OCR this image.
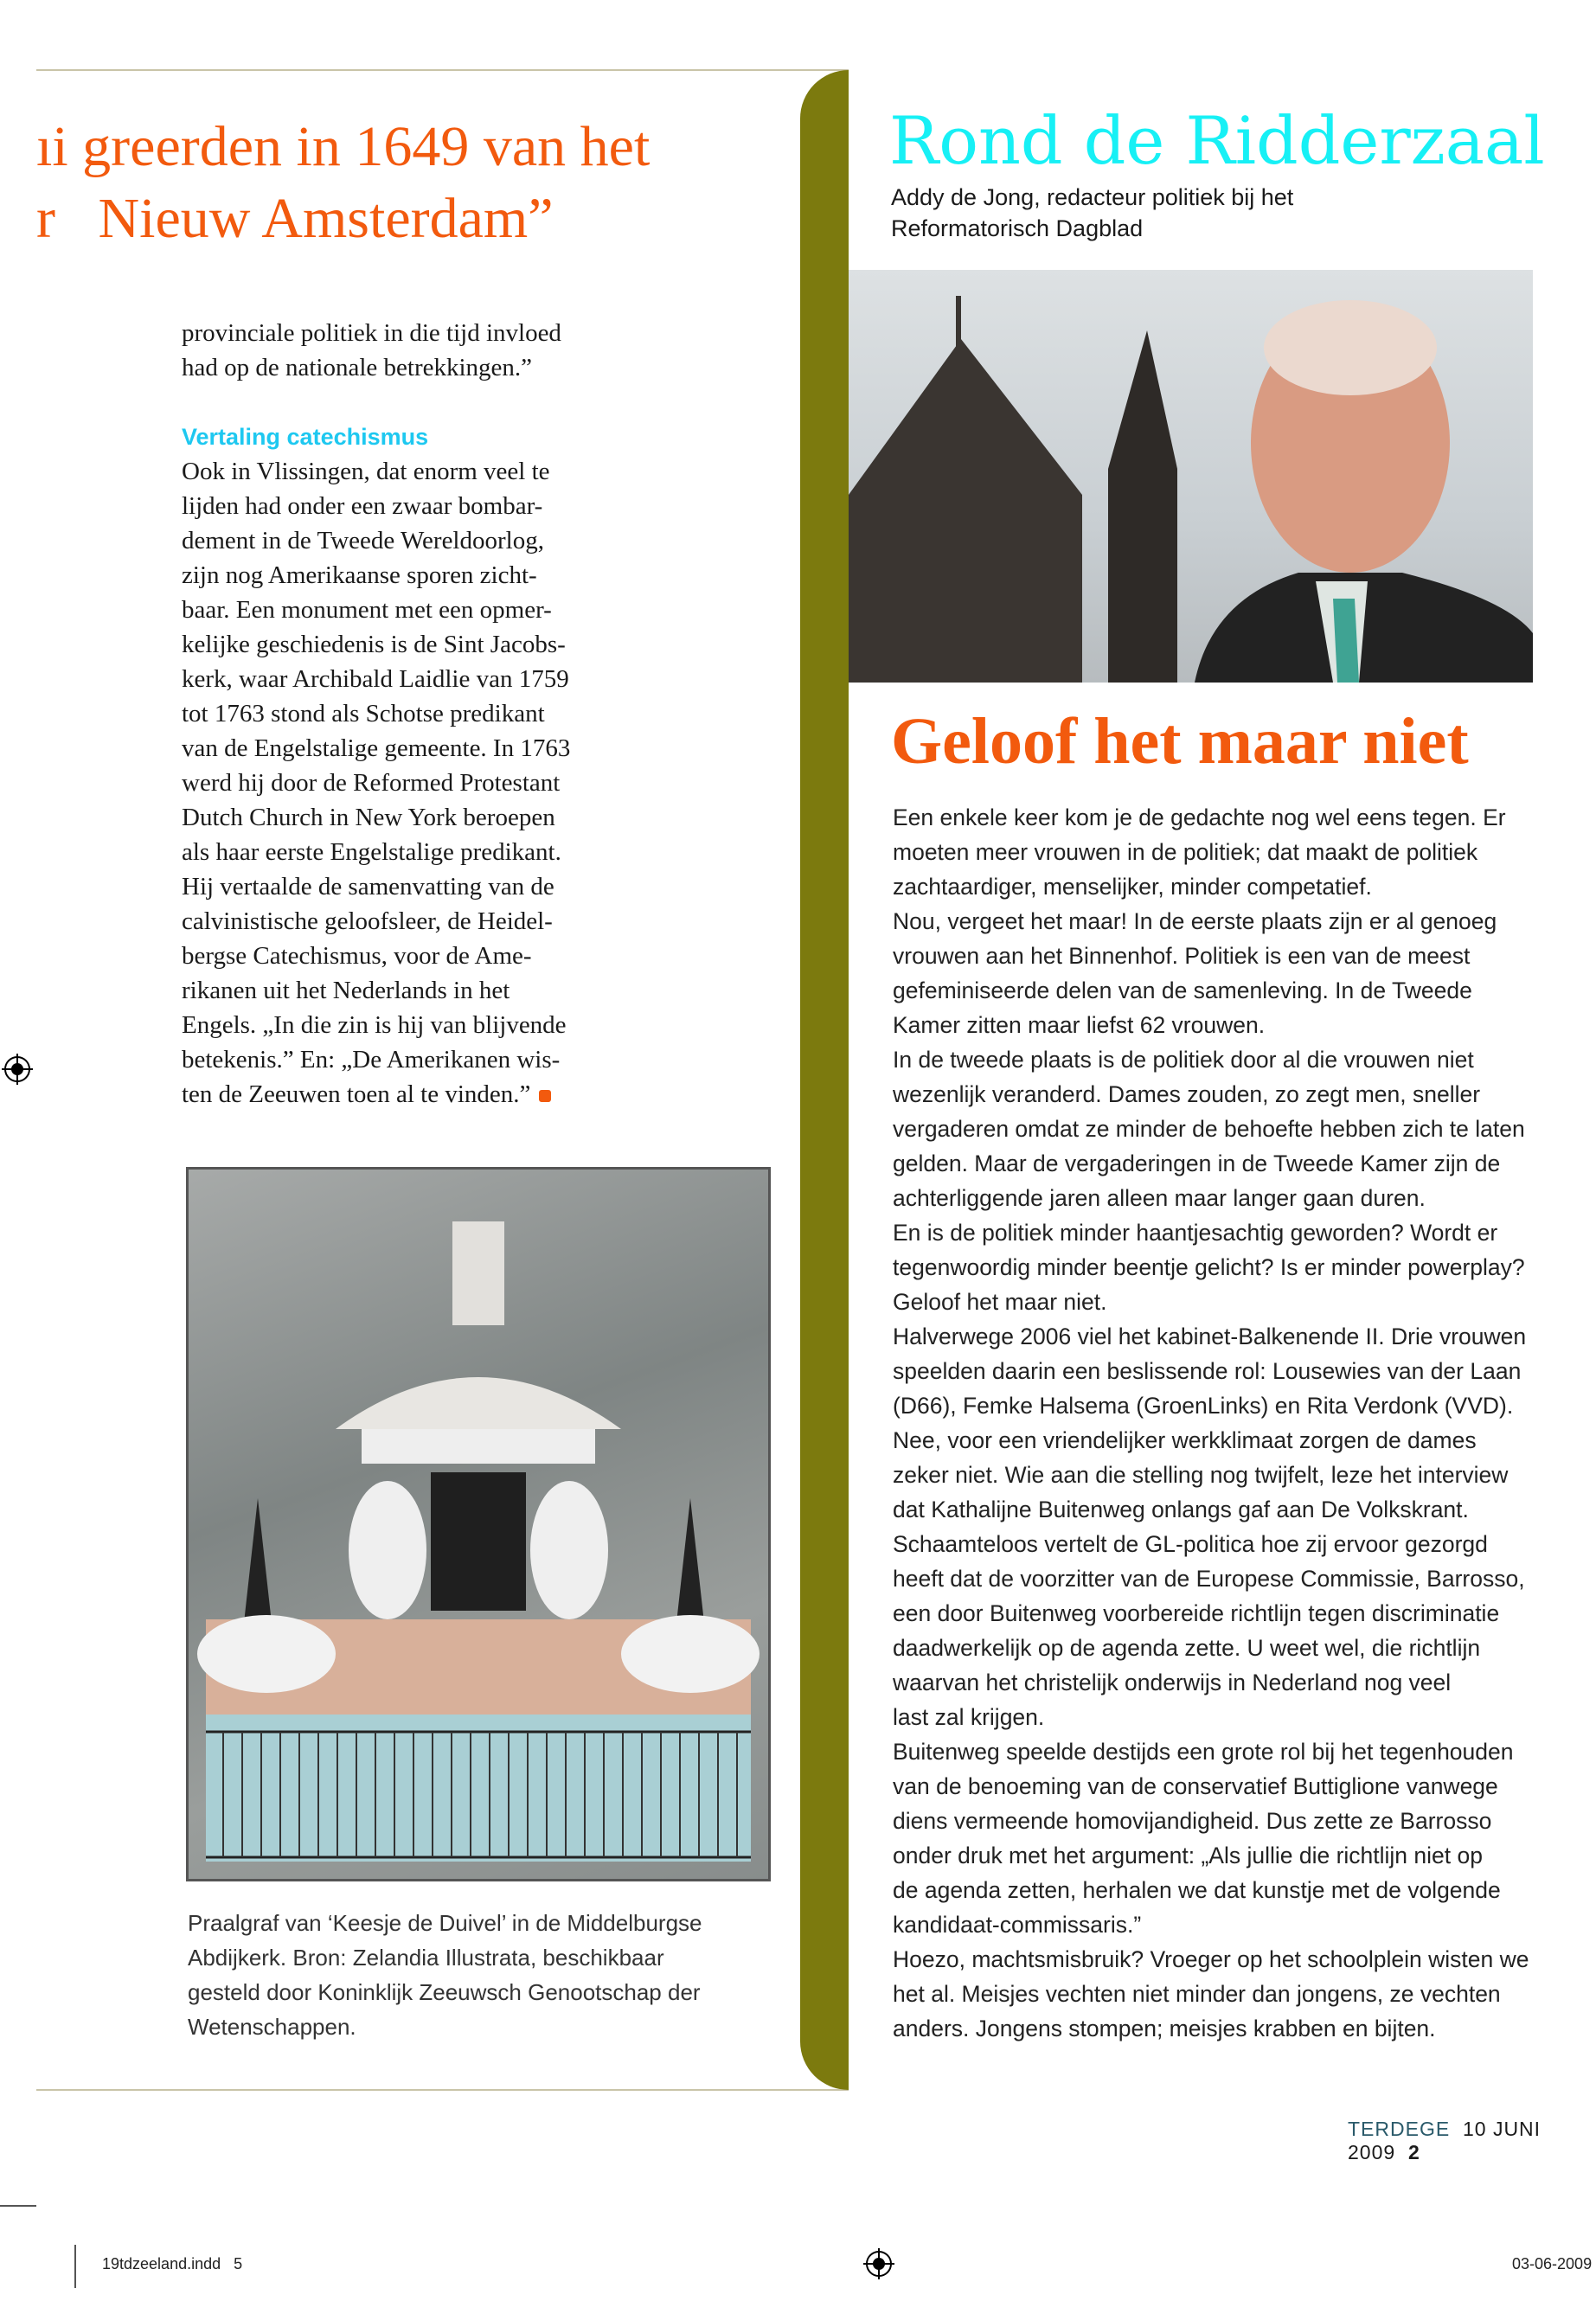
ıi greerden in 1649 van het
r   Nieuw Amsterdam”
provinciale politiek in die tijd invloed
had op de nationale betrekkingen.”
Vertaling catechismus
Ook in Vlissingen, dat enorm veel te
lijden had onder een zwaar bombar-
dement in de Tweede Wereldoorlog,
zijn nog Amerikaanse sporen zicht-
baar. Een monument met een opmer-
kelijke geschiedenis is de Sint Jacobs-
kerk, waar Archibald Laidlie van 1759
tot 1763 stond als Schotse predikant
van de Engelstalige gemeente. In 1763
werd hij door de Reformed Protestant
Dutch Church in New York beroepen
als haar eerste Engelstalige predikant.
Hij vertaalde de samenvatting van de
calvinistische geloofsleer, de Heidel-
bergse Catechismus, voor de Ame-
rikanen uit het Nederlands in het
Engels. „In die zin is hij van blijvende
betekenis.” En: „De Amerikanen wis-
ten de Zeeuwen toen al te vinden.”
Praalgraf van ‘Keesje de Duivel’ in de Middelburgse
Abdijkerk. Bron: Zelandia Illustrata, beschikbaar
gesteld door Koninklijk Zeeuwsch Genootschap der
Wetenschappen.
Rond de Ridderzaal
Addy de Jong, redacteur politiek bij het
Reformatorisch Dagblad
Geloof het maar niet
Een enkele keer kom je de gedachte nog wel eens tegen. Er
moeten meer vrouwen in de politiek; dat maakt de politiek
zachtaardiger, menselijker, minder competatief.
Nou, vergeet het maar! In de eerste plaats zijn er al genoeg
vrouwen aan het Binnenhof. Politiek is een van de meest
gefeminiseerde delen van de samenleving. In de Tweede
Kamer zitten maar liefst 62 vrouwen.
In de tweede plaats is de politiek door al die vrouwen niet
wezenlijk veranderd. Dames zouden, zo zegt men, sneller
vergaderen omdat ze minder de behoefte hebben zich te laten
gelden. Maar de vergaderingen in de Tweede Kamer zijn de
achterliggende jaren alleen maar langer gaan duren.
En is de politiek minder haantjesachtig geworden? Wordt er
tegenwoordig minder beentje gelicht? Is er minder powerplay?
Geloof het maar niet.
Halverwege 2006 viel het kabinet-Balkenende II. Drie vrouwen
speelden daarin een beslissende rol: Lousewies van der Laan
(D66), Femke Halsema (GroenLinks) en Rita Verdonk (VVD).
Nee, voor een vriendelijker werkklimaat zorgen de dames
zeker niet. Wie aan die stelling nog twijfelt, leze het interview
dat Kathalijne Buitenweg onlangs gaf aan De Volkskrant.
Schaamteloos vertelt de GL-politica hoe zij ervoor gezorgd
heeft dat de voorzitter van de Europese Commissie, Barrosso,
een door Buitenweg voorbereide richtlijn tegen discriminatie
daadwerkelijk op de agenda zette. U weet wel, die richtlijn
waarvan het christelijk onderwijs in Nederland nog veel
last zal krijgen.
Buitenweg speelde destijds een grote rol bij het tegenhouden
van de benoeming van de conservatief Buttiglione vanwege
diens vermeende homovijandigheid. Dus zette ze Barrosso
onder druk met het argument: „Als jullie die richtlijn niet op
de agenda zetten, herhalen we dat kunstje met de volgende
kandidaat-commissaris.”
Hoezo, machtsmisbruik? Vroeger op het schoolplein wisten we
het al. Meisjes vechten niet minder dan jongens, ze vechten
anders. Jongens stompen; meisjes krabben en bijten.
TERDEGE 10 JUNI 2009 2
19tdzeeland.indd   5	03-06-2009
